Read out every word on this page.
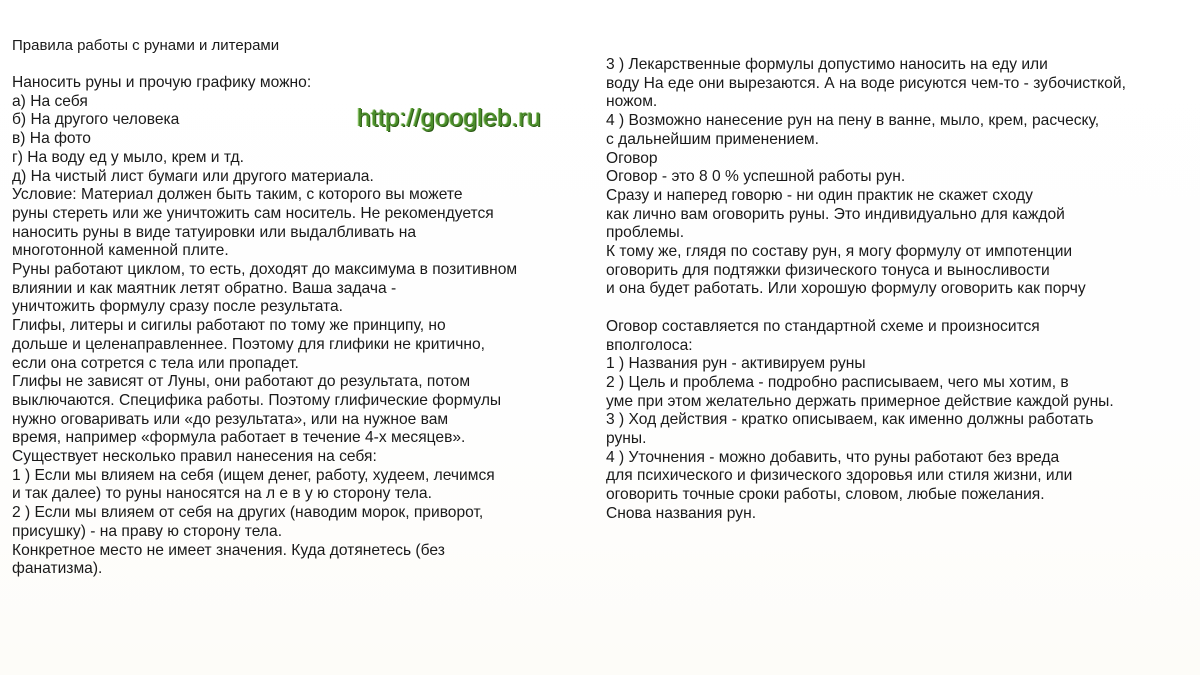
Правила работы с рунами и литерами
Наносить руны и прочую графику можно:
а) На себя
б) На другого человека
в) На фото
г) На воду ед у мыло, крем и тд.
д) На чистый лист бумаги или другого материала.
Условие: Материал должен быть таким, с которого вы можете
руны стереть или же уничтожить сам носитель. Не рекомендуется
наносить руны в виде татуировки или выдалбливать на
многотонной каменной плите.
Руны работают циклом, то есть, доходят до максимума в позитивном
влиянии и как маятник летят обратно. Ваша задача -
уничтожить формулу сразу после результата.
Глифы, литеры и сигилы работают по тому же принципу, но
дольше и целенаправленнее. Поэтому для глифики не критично,
если она сотрется с тела или пропадет.
Глифы не зависят от Луны, они работают до результата, потом
выключаются. Специфика работы. Поэтому глифические формулы
нужно оговаривать или «до результата», или на нужное вам
время, например «формула работает в течение 4-х месяцев».
Существует несколько правил нанесения на себя:
1 ) Если мы влияем на себя (ищем денег, работу, худеем, лечимся
и так далее) то руны наносятся на л е в у ю сторону тела.
2 ) Если мы влияем от себя на других (наводим морок, приворот,
присушку) - на праву ю сторону тела.
Конкретное место не имеет значения. Куда дотянетесь (без
фанатизма).
3 ) Лекарственные формулы допустимо наносить на еду или
воду На еде они вырезаются. А на воде рисуются чем-то - зубочисткой,
ножом.
4 ) Возможно нанесение рун на пену в ванне, мыло, крем, расческу,
с дальнейшим применением.
Оговор
Оговор - это 8 0 % успешной работы рун.
Сразу и наперед говорю - ни один практик не скажет сходу
как лично вам оговорить руны. Это индивидуально для каждой
проблемы.
К тому же, глядя по составу рун, я могу формулу от импотенции
оговорить для подтяжки физического тонуса и выносливости
и она будет работать. Или хорошую формулу оговорить как порчу
Оговор составляется по стандартной схеме и произносится
вполголоса:
1 ) Названия рун - активируем руны
2 ) Цель и проблема - подробно расписываем, чего мы хотим, в
уме при этом желательно держать примерное действие каждой руны.
3 ) Ход действия - кратко описываем, как именно должны работать
руны.
4 ) Уточнения - можно добавить, что руны работают без вреда
для психического и физического здоровья или стиля жизни, или
оговорить точные сроки работы, словом, любые пожелания.
Снова названия рун.
http://googleb.ru
